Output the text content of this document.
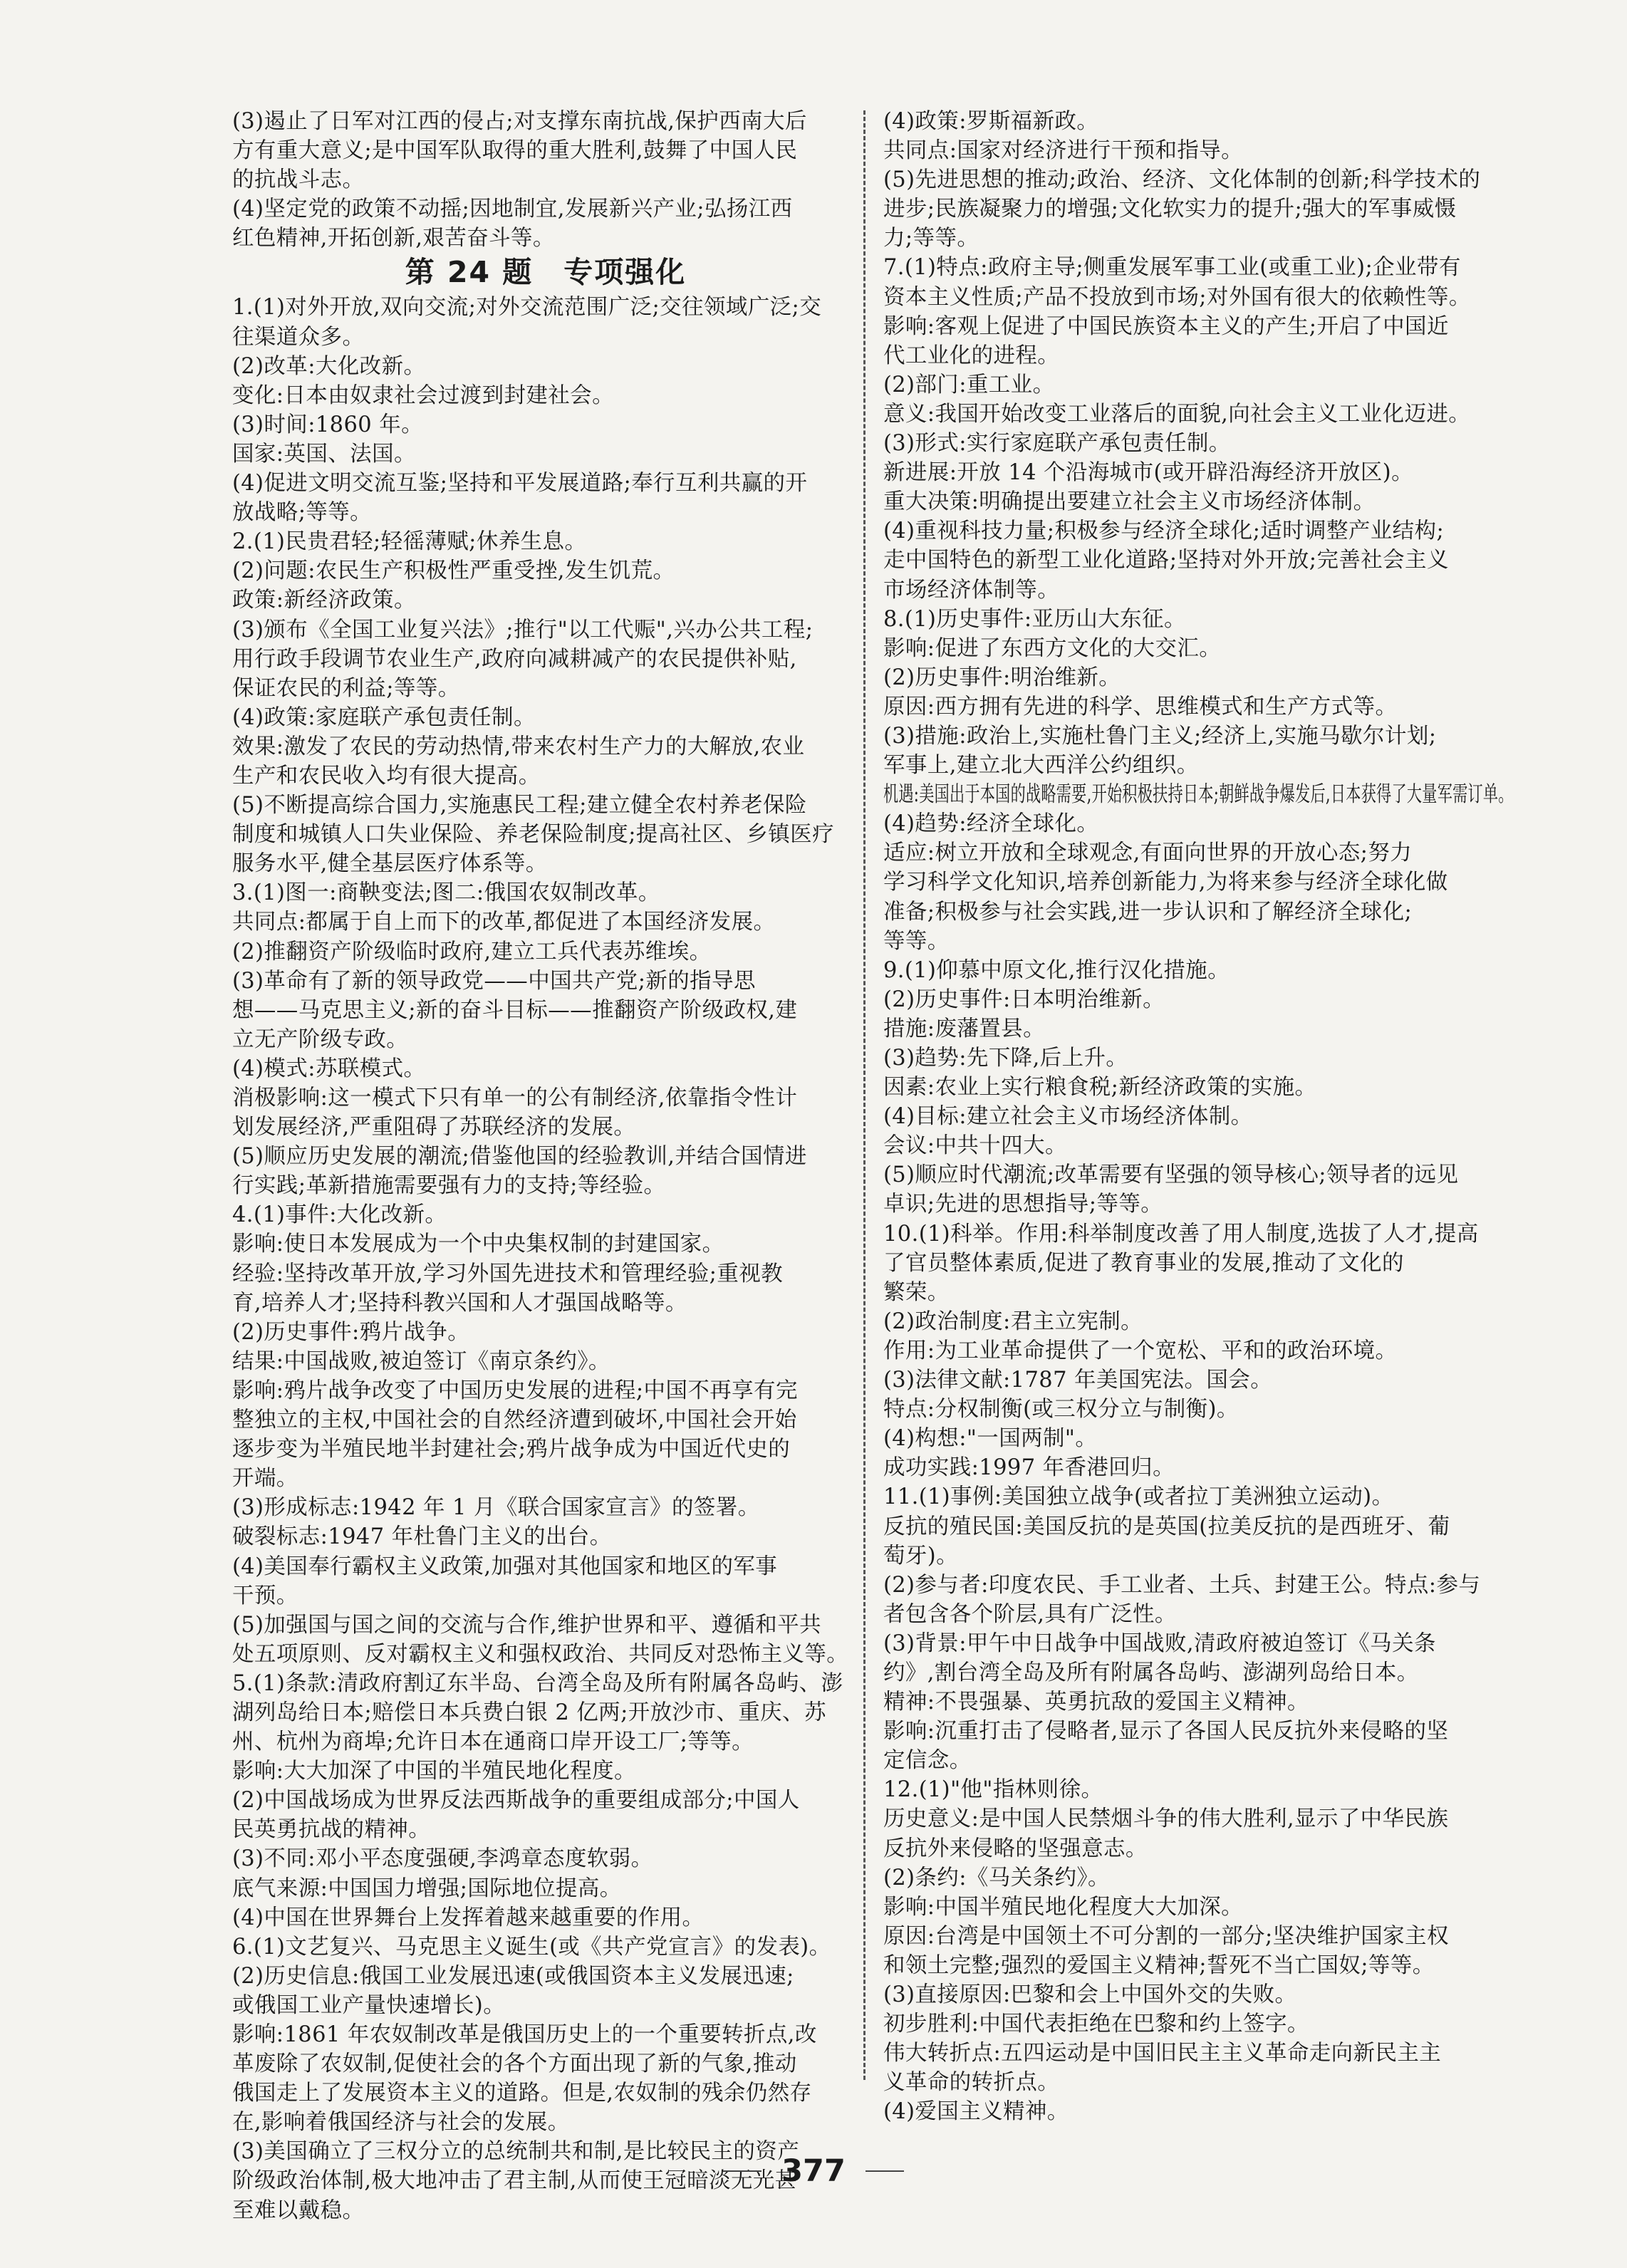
(3)遏止了日军对江西的侵占;对支撑东南抗战,保护西南大后
方有重大意义;是中国军队取得的重大胜利,鼓舞了中国人民
的抗战斗志。
(4)坚定党的政策不动摇;因地制宜,发展新兴产业;弘扬江西
红色精神,开拓创新,艰苦奋斗等。
第 24 题　专项强化
1.(1)对外开放,双向交流;对外交流范围广泛;交往领域广泛;交
往渠道众多。
(2)改革:大化改新。
变化:日本由奴隶社会过渡到封建社会。
(3)时间:1860 年。
国家:英国、法国。
(4)促进文明交流互鉴;坚持和平发展道路;奉行互利共赢的开
放战略;等等。
2.(1)民贵君轻;轻徭薄赋;休养生息。
(2)问题:农民生产积极性严重受挫,发生饥荒。
政策:新经济政策。
(3)颁布《全国工业复兴法》;推行"以工代赈",兴办公共工程;
用行政手段调节农业生产,政府向减耕减产的农民提供补贴,
保证农民的利益;等等。
(4)政策:家庭联产承包责任制。
效果:激发了农民的劳动热情,带来农村生产力的大解放,农业
生产和农民收入均有很大提高。
(5)不断提高综合国力,实施惠民工程;建立健全农村养老保险
制度和城镇人口失业保险、养老保险制度;提高社区、乡镇医疗
服务水平,健全基层医疗体系等。
3.(1)图一:商鞅变法;图二:俄国农奴制改革。
共同点:都属于自上而下的改革,都促进了本国经济发展。
(2)推翻资产阶级临时政府,建立工兵代表苏维埃。
(3)革命有了新的领导政党——中国共产党;新的指导思
想——马克思主义;新的奋斗目标——推翻资产阶级政权,建
立无产阶级专政。
(4)模式:苏联模式。
消极影响:这一模式下只有单一的公有制经济,依靠指令性计
划发展经济,严重阻碍了苏联经济的发展。
(5)顺应历史发展的潮流;借鉴他国的经验教训,并结合国情进
行实践;革新措施需要强有力的支持;等经验。
4.(1)事件:大化改新。
影响:使日本发展成为一个中央集权制的封建国家。
经验:坚持改革开放,学习外国先进技术和管理经验;重视教
育,培养人才;坚持科教兴国和人才强国战略等。
(2)历史事件:鸦片战争。
结果:中国战败,被迫签订《南京条约》。
影响:鸦片战争改变了中国历史发展的进程;中国不再享有完
整独立的主权,中国社会的自然经济遭到破坏,中国社会开始
逐步变为半殖民地半封建社会;鸦片战争成为中国近代史的
开端。
(3)形成标志:1942 年 1 月《联合国家宣言》的签署。
破裂标志:1947 年杜鲁门主义的出台。
(4)美国奉行霸权主义政策,加强对其他国家和地区的军事
干预。
(5)加强国与国之间的交流与合作,维护世界和平、遵循和平共
处五项原则、反对霸权主义和强权政治、共同反对恐怖主义等。
5.(1)条款:清政府割辽东半岛、台湾全岛及所有附属各岛屿、澎
湖列岛给日本;赔偿日本兵费白银 2 亿两;开放沙市、重庆、苏
州、杭州为商埠;允许日本在通商口岸开设工厂;等等。
影响:大大加深了中国的半殖民地化程度。
(2)中国战场成为世界反法西斯战争的重要组成部分;中国人
民英勇抗战的精神。
(3)不同:邓小平态度强硬,李鸿章态度软弱。
底气来源:中国国力增强;国际地位提高。
(4)中国在世界舞台上发挥着越来越重要的作用。
6.(1)文艺复兴、马克思主义诞生(或《共产党宣言》的发表)。
(2)历史信息:俄国工业发展迅速(或俄国资本主义发展迅速;
或俄国工业产量快速增长)。
影响:1861 年农奴制改革是俄国历史上的一个重要转折点,改
革废除了农奴制,促使社会的各个方面出现了新的气象,推动
俄国走上了发展资本主义的道路。但是,农奴制的残余仍然存
在,影响着俄国经济与社会的发展。
(3)美国确立了三权分立的总统制共和制,是比较民主的资产
阶级政治体制,极大地冲击了君主制,从而使王冠暗淡无光甚
至难以戴稳。
(4)政策:罗斯福新政。
共同点:国家对经济进行干预和指导。
(5)先进思想的推动;政治、经济、文化体制的创新;科学技术的
进步;民族凝聚力的增强;文化软实力的提升;强大的军事威慑
力;等等。
7.(1)特点:政府主导;侧重发展军事工业(或重工业);企业带有
资本主义性质;产品不投放到市场;对外国有很大的依赖性等。
影响:客观上促进了中国民族资本主义的产生;开启了中国近
代工业化的进程。
(2)部门:重工业。
意义:我国开始改变工业落后的面貌,向社会主义工业化迈进。
(3)形式:实行家庭联产承包责任制。
新进展:开放 14 个沿海城市(或开辟沿海经济开放区)。
重大决策:明确提出要建立社会主义市场经济体制。
(4)重视科技力量;积极参与经济全球化;适时调整产业结构;
走中国特色的新型工业化道路;坚持对外开放;完善社会主义
市场经济体制等。
8.(1)历史事件:亚历山大东征。
影响:促进了东西方文化的大交汇。
(2)历史事件:明治维新。
原因:西方拥有先进的科学、思维模式和生产方式等。
(3)措施:政治上,实施杜鲁门主义;经济上,实施马歇尔计划;
军事上,建立北大西洋公约组织。
机遇:美国出于本国的战略需要,开始积极扶持日本;朝鲜战争爆发后,日本获得了大量军需订单。
(4)趋势:经济全球化。
适应:树立开放和全球观念,有面向世界的开放心态;努力
学习科学文化知识,培养创新能力,为将来参与经济全球化做
准备;积极参与社会实践,进一步认识和了解经济全球化;
等等。
9.(1)仰慕中原文化,推行汉化措施。
(2)历史事件:日本明治维新。
措施:废藩置县。
(3)趋势:先下降,后上升。
因素:农业上实行粮食税;新经济政策的实施。
(4)目标:建立社会主义市场经济体制。
会议:中共十四大。
(5)顺应时代潮流;改革需要有坚强的领导核心;领导者的远见
卓识;先进的思想指导;等等。
10.(1)科举。作用:科举制度改善了用人制度,选拔了人才,提高
了官员整体素质,促进了教育事业的发展,推动了文化的
繁荣。
(2)政治制度:君主立宪制。
作用:为工业革命提供了一个宽松、平和的政治环境。
(3)法律文献:1787 年美国宪法。国会。
特点:分权制衡(或三权分立与制衡)。
(4)构想:"一国两制"。
成功实践:1997 年香港回归。
11.(1)事例:美国独立战争(或者拉丁美洲独立运动)。
反抗的殖民国:美国反抗的是英国(拉美反抗的是西班牙、葡
萄牙)。
(2)参与者:印度农民、手工业者、土兵、封建王公。特点:参与
者包含各个阶层,具有广泛性。
(3)背景:甲午中日战争中国战败,清政府被迫签订《马关条
约》,割台湾全岛及所有附属各岛屿、澎湖列岛给日本。
精神:不畏强暴、英勇抗敌的爱国主义精神。
影响:沉重打击了侵略者,显示了各国人民反抗外来侵略的坚
定信念。
12.(1)"他"指林则徐。
历史意义:是中国人民禁烟斗争的伟大胜利,显示了中华民族
反抗外来侵略的坚强意志。
(2)条约:《马关条约》。
影响:中国半殖民地化程度大大加深。
原因:台湾是中国领土不可分割的一部分;坚决维护国家主权
和领土完整;强烈的爱国主义精神;誓死不当亡国奴;等等。
(3)直接原因:巴黎和会上中国外交的失败。
初步胜利:中国代表拒绝在巴黎和约上签字。
伟大转折点:五四运动是中国旧民主主义革命走向新民主主
义革命的转折点。
(4)爱国主义精神。
377
